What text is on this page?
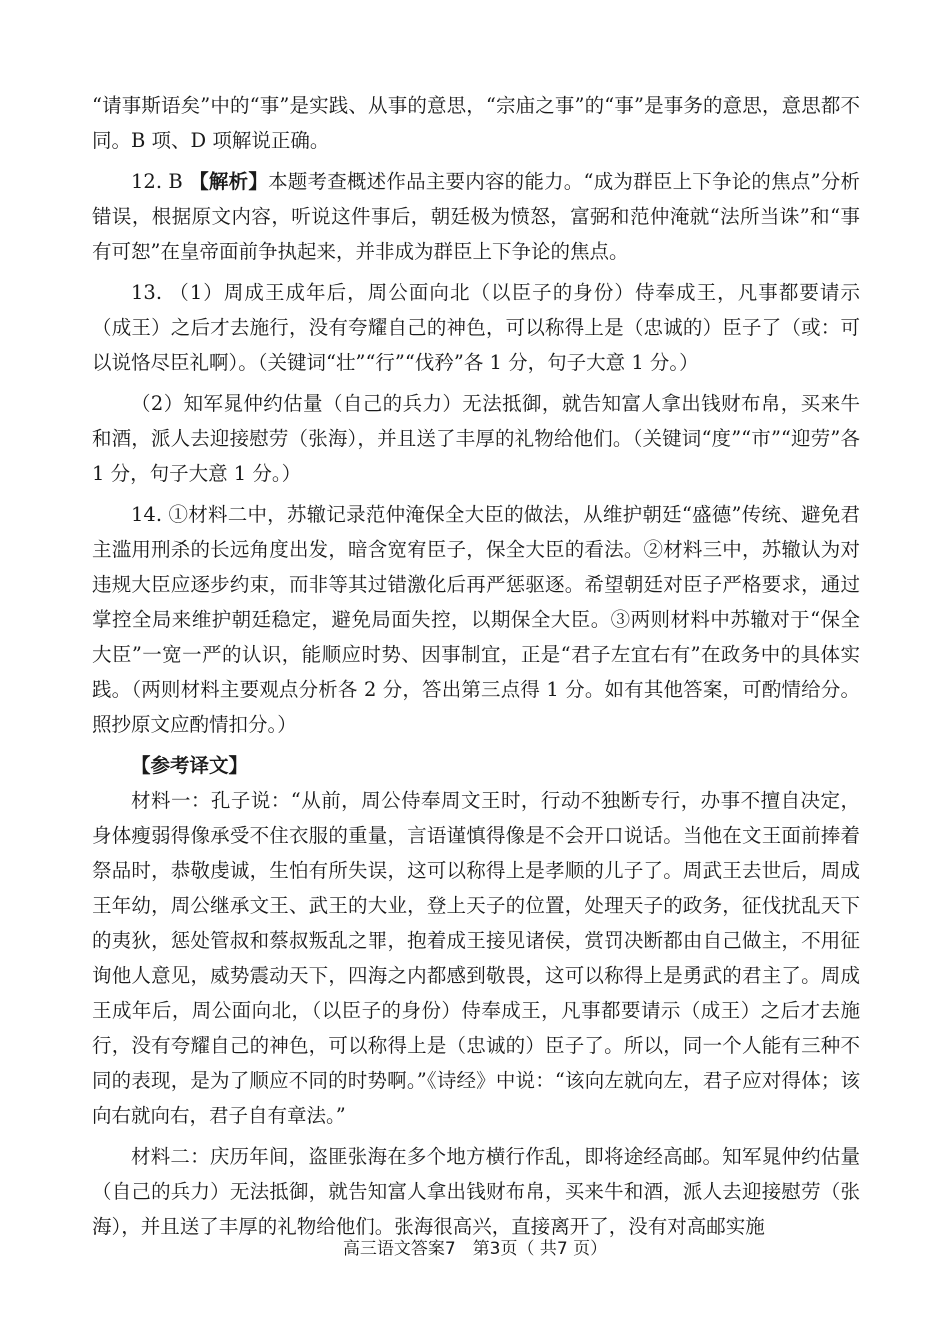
“请事斯语矣”中的“事”是实践、从事的意思，“宗庙之事”的“事”是事务的意思，意思都不同。B 项、D 项解说正确。

12. B 【解析】本题考查概述作品主要内容的能力。“成为群臣上下争论的焦点”分析错误，根据原文内容，听说这件事后，朝廷极为愤怒，富弼和范仲淹就“法所当诛”和“事有可恕”在皇帝面前争执起来，并非成为群臣上下争论的焦点。

13. （1）周成王成年后，周公面向北（以臣子的身份）侍奉成王，凡事都要请示（成王）之后才去施行，没有夸耀自己的神色，可以称得上是（忠诚的）臣子了（或：可以说恪尽臣礼啊）。（关键词“壮”“行”“伐矜”各 1 分，句子大意 1 分。）

（2）知军晁仲约估量（自己的兵力）无法抵御，就告知富人拿出钱财布帛，买来牛和酒，派人去迎接慰劳（张海），并且送了丰厚的礼物给他们。（关键词“度”“市”“迎劳”各 1 分，句子大意 1 分。）

14. ①材料二中，苏辙记录范仲淹保全大臣的做法，从维护朝廷“盛德”传统、避免君主滥用刑杀的长远角度出发，暗含宽宥臣子，保全大臣的看法。②材料三中，苏辙认为对违规大臣应逐步约束，而非等其过错激化后再严惩驱逐。希望朝廷对臣子严格要求，通过掌控全局来维护朝廷稳定，避免局面失控，以期保全大臣。③两则材料中苏辙对于“保全大臣”一宽一严的认识，能顺应时势、因事制宜，正是“君子左宜右有”在政务中的具体实践。（两则材料主要观点分析各 2 分，答出第三点得 1 分。如有其他答案，可酌情给分。照抄原文应酌情扣分。）

【参考译文】

材料一：孔子说：“从前，周公侍奉周文王时，行动不独断专行，办事不擅自决定，身体瘦弱得像承受不住衣服的重量，言语谨慎得像是不会开口说话。当他在文王面前捧着祭品时，恭敬虔诚，生怕有所失误，这可以称得上是孝顺的儿子了。周武王去世后，周成王年幼，周公继承文王、武王的大业，登上天子的位置，处理天子的政务，征伐扰乱天下的夷狄，惩处管叔和蔡叔叛乱之罪，抱着成王接见诸侯，赏罚决断都由自己做主，不用征询他人意见，威势震动天下，四海之内都感到敬畏，这可以称得上是勇武的君主了。周成王成年后，周公面向北，（以臣子的身份）侍奉成王，凡事都要请示（成王）之后才去施行，没有夸耀自己的神色，可以称得上是（忠诚的）臣子了。所以，同一个人能有三种不同的表现，是为了顺应不同的时势啊。”《诗经》中说：“该向左就向左，君子应对得体；该向右就向右，君子自有章法。”

材料二：庆历年间，盗匪张海在多个地方横行作乱，即将途经高邮。知军晁仲约估量（自己的兵力）无法抵御，就告知富人拿出钱财布帛，买来牛和酒，派人去迎接慰劳（张海），并且送了丰厚的礼物给他们。张海很高兴，直接离开了，没有对高邮实施

高三语文答案7　第3页（ 共7 页）
